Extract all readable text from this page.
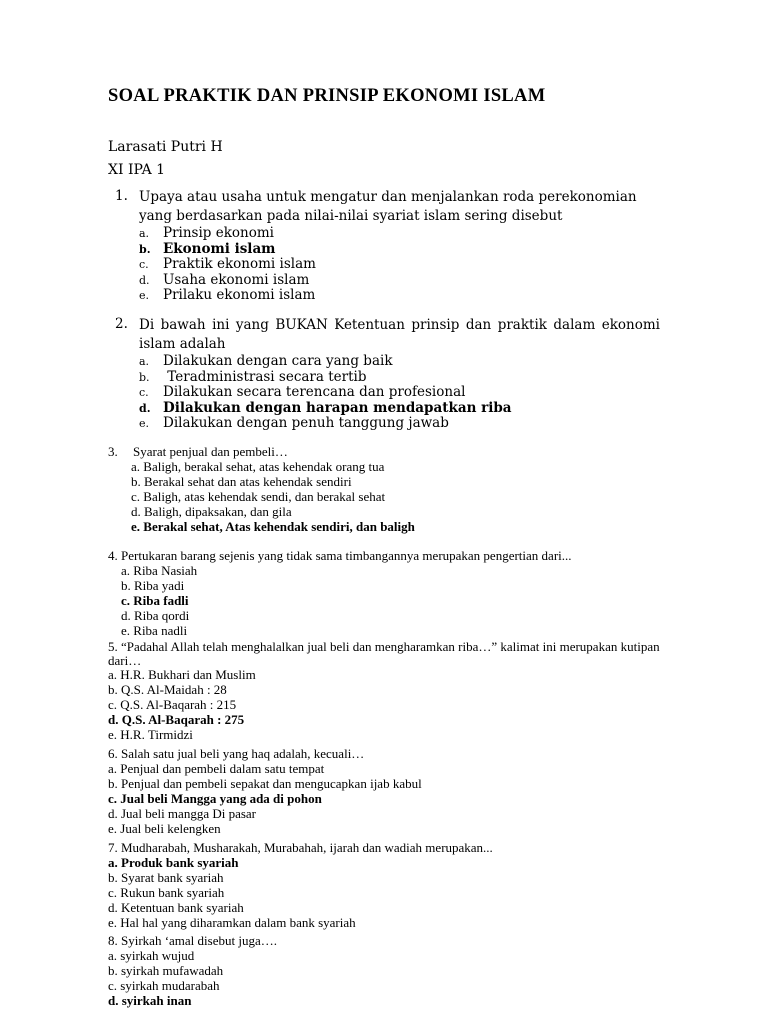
SOAL PRAKTIK DAN PRINSIP EKONOMI ISLAM
Larasati Putri H
XI IPA 1
1. Upaya atau usaha untuk mengatur dan menjalankan roda perekonomian yang berdasarkan pada nilai-nilai syariat islam sering disebut
a.	Prinsip ekonomi
b. Ekonomi islam
c.	Praktik ekonomi islam
d. Usaha ekonomi islam
e.	Prilaku ekonomi islam
2. Di bawah ini yang BUKAN Ketentuan prinsip dan praktik dalam ekonomi islam adalah
a.	Dilakukan dengan cara yang baik
b. Teradministrasi secara tertib
c.	Dilakukan secara terencana dan profesional
d. Dilakukan dengan harapan mendapatkan riba
e.	Dilakukan dengan penuh tanggung jawab
3. Syarat penjual dan pembeli…
a. Baligh, berakal sehat, atas kehendak orang tua
b. Berakal sehat dan atas kehendak sendiri
c. Baligh, atas kehendak sendi, dan berakal sehat
d. Baligh, dipaksakan, dan gila
e. Berakal sehat, Atas kehendak sendiri, dan baligh
4. Pertukaran barang sejenis yang tidak sama timbangannya merupakan pengertian dari...
a. Riba Nasiah
b. Riba yadi
c. Riba fadli
d. Riba qordi
e. Riba nadli
5. “Padahal Allah telah menghalalkan jual beli dan mengharamkan riba…” kalimat ini merupakan kutipan dari…
a. H.R. Bukhari dan Muslim
b. Q.S. Al-Maidah : 28
c. Q.S. Al-Baqarah : 215
d. Q.S. Al-Baqarah : 275
e. H.R. Tirmidzi
6. Salah satu jual beli yang haq adalah, kecuali…
a. Penjual dan pembeli dalam satu tempat
b. Penjual dan pembeli sepakat dan mengucapkan ijab kabul
c. Jual beli Mangga yang ada di pohon
d. Jual beli mangga Di pasar
e. Jual beli kelengken
7. Mudharabah, Musharakah, Murabahah, ijarah dan wadiah merupakan...
a. Produk bank syariah
b. Syarat bank syariah
c. Rukun bank syariah
d. Ketentuan bank syariah
e. Hal hal yang diharamkan dalam bank syariah
8. Syirkah ‘amal disebut juga….
a. syirkah wujud
b. syirkah mufawadah
c. syirkah mudarabah
d. syirkah inan
